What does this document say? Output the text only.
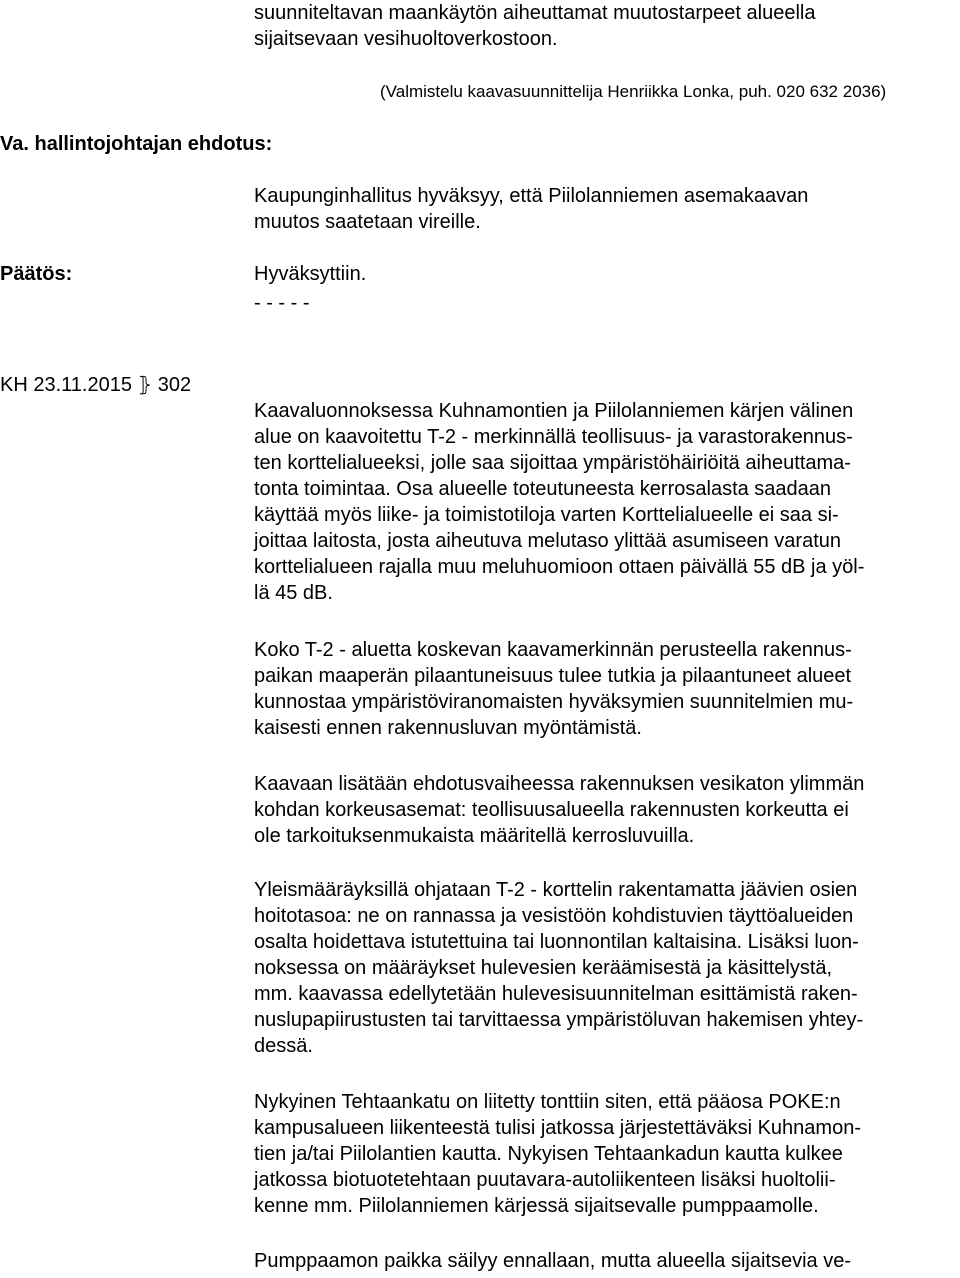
suunniteltavan maankäytön aiheuttamat muutostarpeet alueella
sijaitsevaan vesihuoltoverkostoon.
(Valmistelu kaavasuunnittelija Henriikka Lonka, puh. 020 632 2036)
Va. hallintojohtajan ehdotus:
Kaupunginhallitus hyväksyy, että Piilolanniemen asemakaavan
muutos saatetaan vireille.
Päätös:	Hyväksyttiin.
- - - - -
KH 23.11.2015 ⦄ 302
Kaavaluonnoksessa Kuhnamontien ja Piilolanniemen kärjen välinen
alue on kaavoitettu T-2 - merkinnällä teollisuus- ja varastorakennus-
ten korttelialueeksi, jolle saa sijoittaa ympäristöhäiriöitä aiheuttama-
tonta toimintaa. Osa alueelle toteutuneesta kerrosalasta saadaan
käyttää myös liike- ja toimistotiloja varten Korttelialueelle ei saa si-
joittaa laitosta, josta aiheutuva melutaso ylittää asumiseen varatun
korttelialueen rajalla muu meluhuomioon ottaen päivällä 55 dB ja yöl-
lä 45 dB.
Koko T-2 - aluetta koskevan kaavamerkinnän perusteella rakennus-
paikan maaperän pilaantuneisuus tulee tutkia ja pilaantuneet alueet
kunnostaa ympäristöviranomaisten hyväksymien suunnitelmien mu-
kaisesti ennen rakennusluvan myöntämistä.
Kaavaan lisätään ehdotusvaiheessa rakennuksen vesikaton ylimmän
kohdan korkeusasemat: teollisuusalueella rakennusten korkeutta ei
ole tarkoituksenmukaista määritellä kerrosluvuilla.
Yleismääräyksillä ohjataan T-2 - korttelin rakentamatta jäävien osien
hoitotasoa: ne on rannassa ja vesistöön kohdistuvien täyttöalueiden
osalta hoidettava istutettuina tai luonnontilan kaltaisina. Lisäksi luon-
noksessa on määräykset hulevesien keräämisestä ja käsittelystä,
mm. kaavassa edellytetään hulevesisuunnitelman esittämistä raken-
nuslupapiirustusten tai tarvittaessa ympäristöluvan hakemisen yhtey-
dessä.
Nykyinen Tehtaankatu on liitetty tonttiin siten, että pääosa POKE:n
kampusalueen liikenteestä tulisi jatkossa järjestettäväksi Kuhnamon-
tien ja/tai Piilolantien kautta. Nykyisen Tehtaankadun kautta kulkee
jatkossa biotuotetehtaan puutavara-autoliikenteen lisäksi huoltolii-
kenne mm. Piilolanniemen kärjessä sijaitsevalle pumppaamolle.
Pumppaamon paikka säilyy ennallaan, mutta alueella sijaitsevia ve-
